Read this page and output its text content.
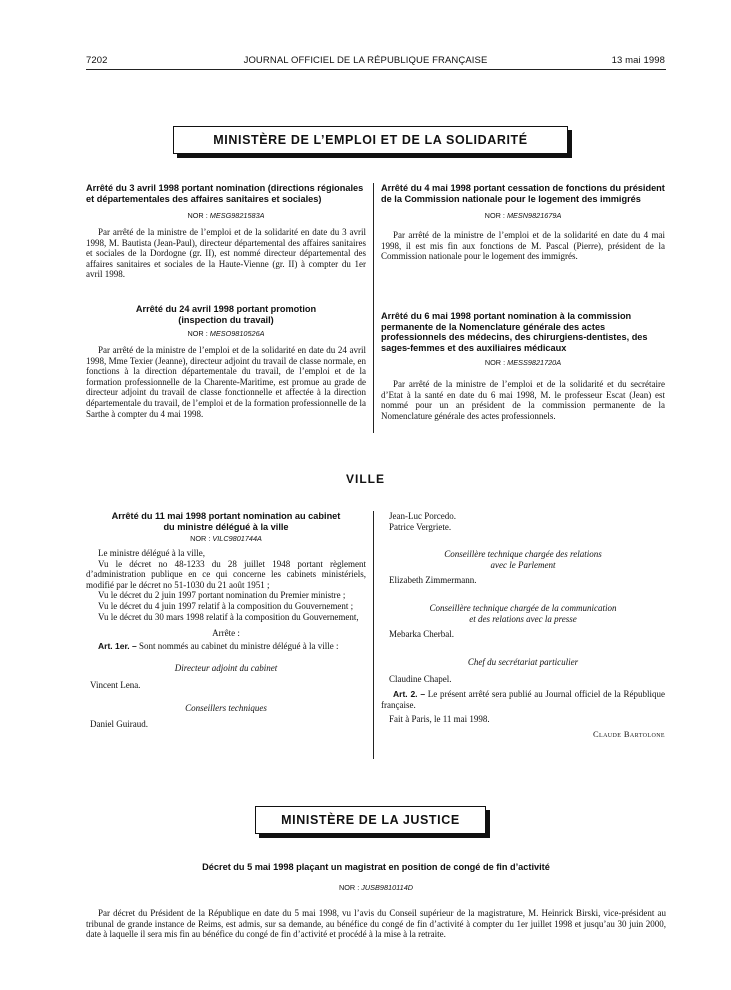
7202	JOURNAL OFFICIEL DE LA RÉPUBLIQUE FRANÇAISE	13 mai 1998
MINISTÈRE DE L’EMPLOI ET DE LA SOLIDARITÉ
Arrêté du 3 avril 1998 portant nomination (directions régionales et départementales des affaires sanitaires et sociales)
NOR : MESG9821583A

Par arrêté de la ministre de l’emploi et de la solidarité en date du 3 avril 1998, M. Bautista (Jean-Paul), directeur départemental des affaires sanitaires et sociales de la Dordogne (gr. II), est nommé directeur départemental des affaires sanitaires et sociales de la Haute-Vienne (gr. II) à compter du 1er avril 1998.

Arrêté du 24 avril 1998 portant promotion (inspection du travail)
NOR : MESO9810526A

Par arrêté de la ministre de l’emploi et de la solidarité en date du 24 avril 1998, Mme Texier (Jeanne), directeur adjoint du travail de classe normale, en fonctions à la direction départementale du travail, de l’emploi et de la formation professionnelle de la Charente-Maritime, est promue au grade de directeur adjoint du travail de classe fonctionnelle et affectée à la direction départementale du travail, de l’emploi et de la formation professionnelle de la Sarthe à compter du 4 mai 1998.

Arrêté du 4 mai 1998 portant cessation de fonctions du président de la Commission nationale pour le logement des immigrés
NOR : MESN9821679A

Par arrêté de la ministre de l’emploi et de la solidarité en date du 4 mai 1998, il est mis fin aux fonctions de M. Pascal (Pierre), président de la Commission nationale pour le logement des immigrés.

Arrêté du 6 mai 1998 portant nomination à la commission permanente de la Nomenclature générale des actes professionnels des médecins, des chirurgiens-dentistes, des sages-femmes et des auxiliaires médicaux
NOR : MESS9821720A

Par arrêté de la ministre de l’emploi et de la solidarité et du secrétaire d’Etat à la santé en date du 6 mai 1998, M. le professeur Escat (Jean) est nommé pour un an président de la commission permanente de la Nomenclature générale des actes professionnels.

VILLE
Arrêté du 11 mai 1998 portant nomination au cabinet du ministre délégué à la ville
NOR : VILC9801744A

Le ministre délégué à la ville,

Vu le décret no 48-1233 du 28 juillet 1948 portant règlement d’administration publique en ce qui concerne les cabinets ministériels, modifié par le décret no 51-1030 du 21 août 1951 ;

Vu le décret du 2 juin 1997 portant nomination du Premier ministre ;

Vu le décret du 4 juin 1997 relatif à la composition du Gouvernement ;

Vu le décret du 30 mars 1998 relatif à la composition du Gouvernement,

Arrête :

Art. 1er. – Sont nommés au cabinet du ministre délégué à la ville :

Directeur adjoint du cabinet
Vincent Lena.
Conseillers techniques
Daniel Guiraud.
Jean-Luc Porcedo.
Patrice Vergriete.
Conseillère technique chargée des relations
avec le Parlement
Elizabeth Zimmermann.
Conseillère technique chargée de la communication
et des relations avec la presse
Mebarka Cherbal.
Chef du secrétariat particulier
Claudine Chapel.

Art. 2. – Le présent arrêté sera publié au Journal officiel de la République française.

Fait à Paris, le 11 mai 1998.
Claude Bartolone
MINISTÈRE DE LA JUSTICE
Décret du 5 mai 1998 plaçant un magistrat en position de congé de fin d’activité
NOR : JUSB9810114D

Par décret du Président de la République en date du 5 mai 1998, vu l’avis du Conseil supérieur de la magistrature, M. Heinrick Birski, vice-président au tribunal de grande instance de Reims, est admis, sur sa demande, au bénéfice du congé de fin d’activité à compter du 1er juillet 1998 et jusqu’au 30 juin 2000, date à laquelle il sera mis fin au bénéfice du congé de fin d’activité et procédé à la mise à la retraite.
